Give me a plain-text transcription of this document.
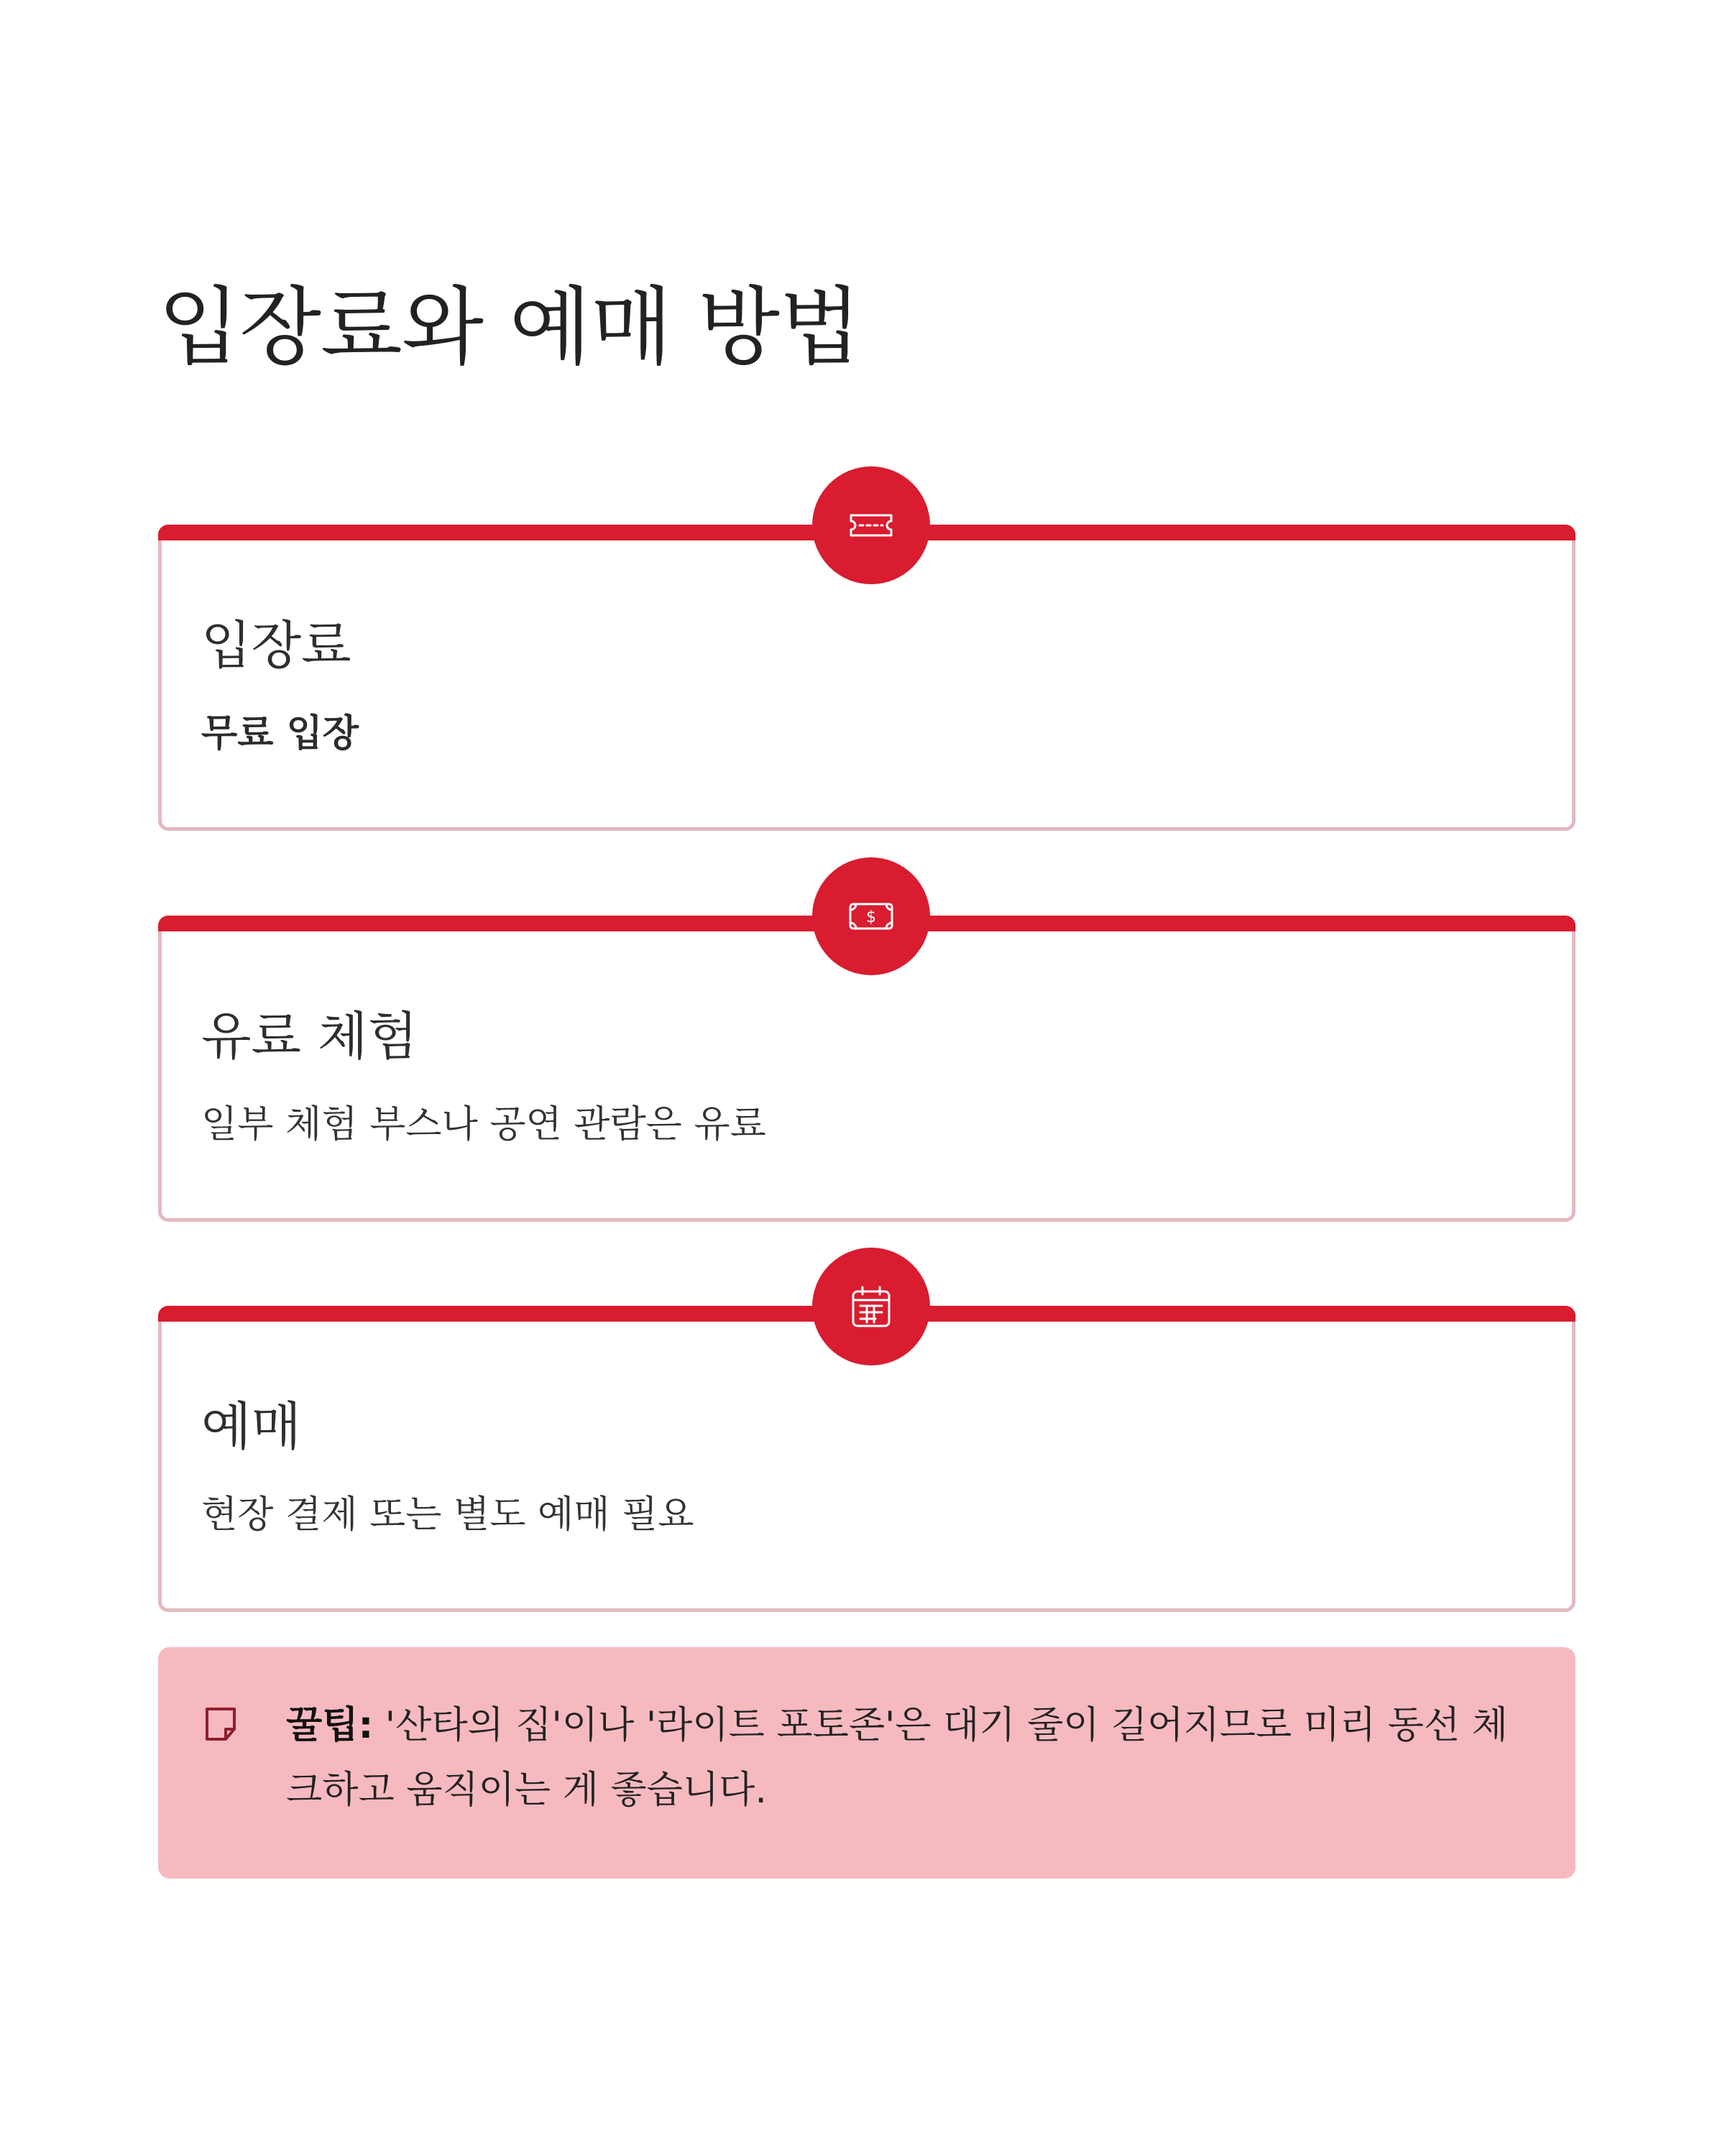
입장료와 예매 방법
입장료

무료 입장

$
유료 체험

일부 체험 부스나 공연 관람은 유료

예매

현장 결제 또는 별도 예매 필요

꿀팁: '산타의 집'이나 '라이트 포토존'은 대기 줄이 길어지므로 미리 동선 체크하고 움직이는 게 좋습니다.
